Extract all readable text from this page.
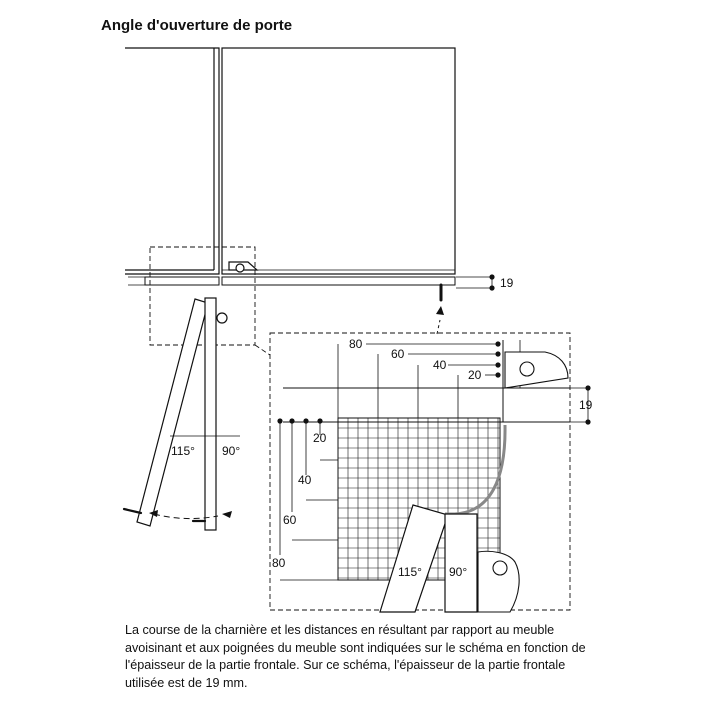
Angle d'ouverture de porte
19
80
60
40
20
19
20
40
60
80
115° 90°
115° 90°

La course de la charnière et les distances en résultant par rapport au meuble avoisinant et aux poignées du meuble sont indiquées sur le schéma en fonction de l'épaisseur de la partie frontale. Sur ce schéma, l'épaisseur de la partie frontale utilisée est de 19 mm.
